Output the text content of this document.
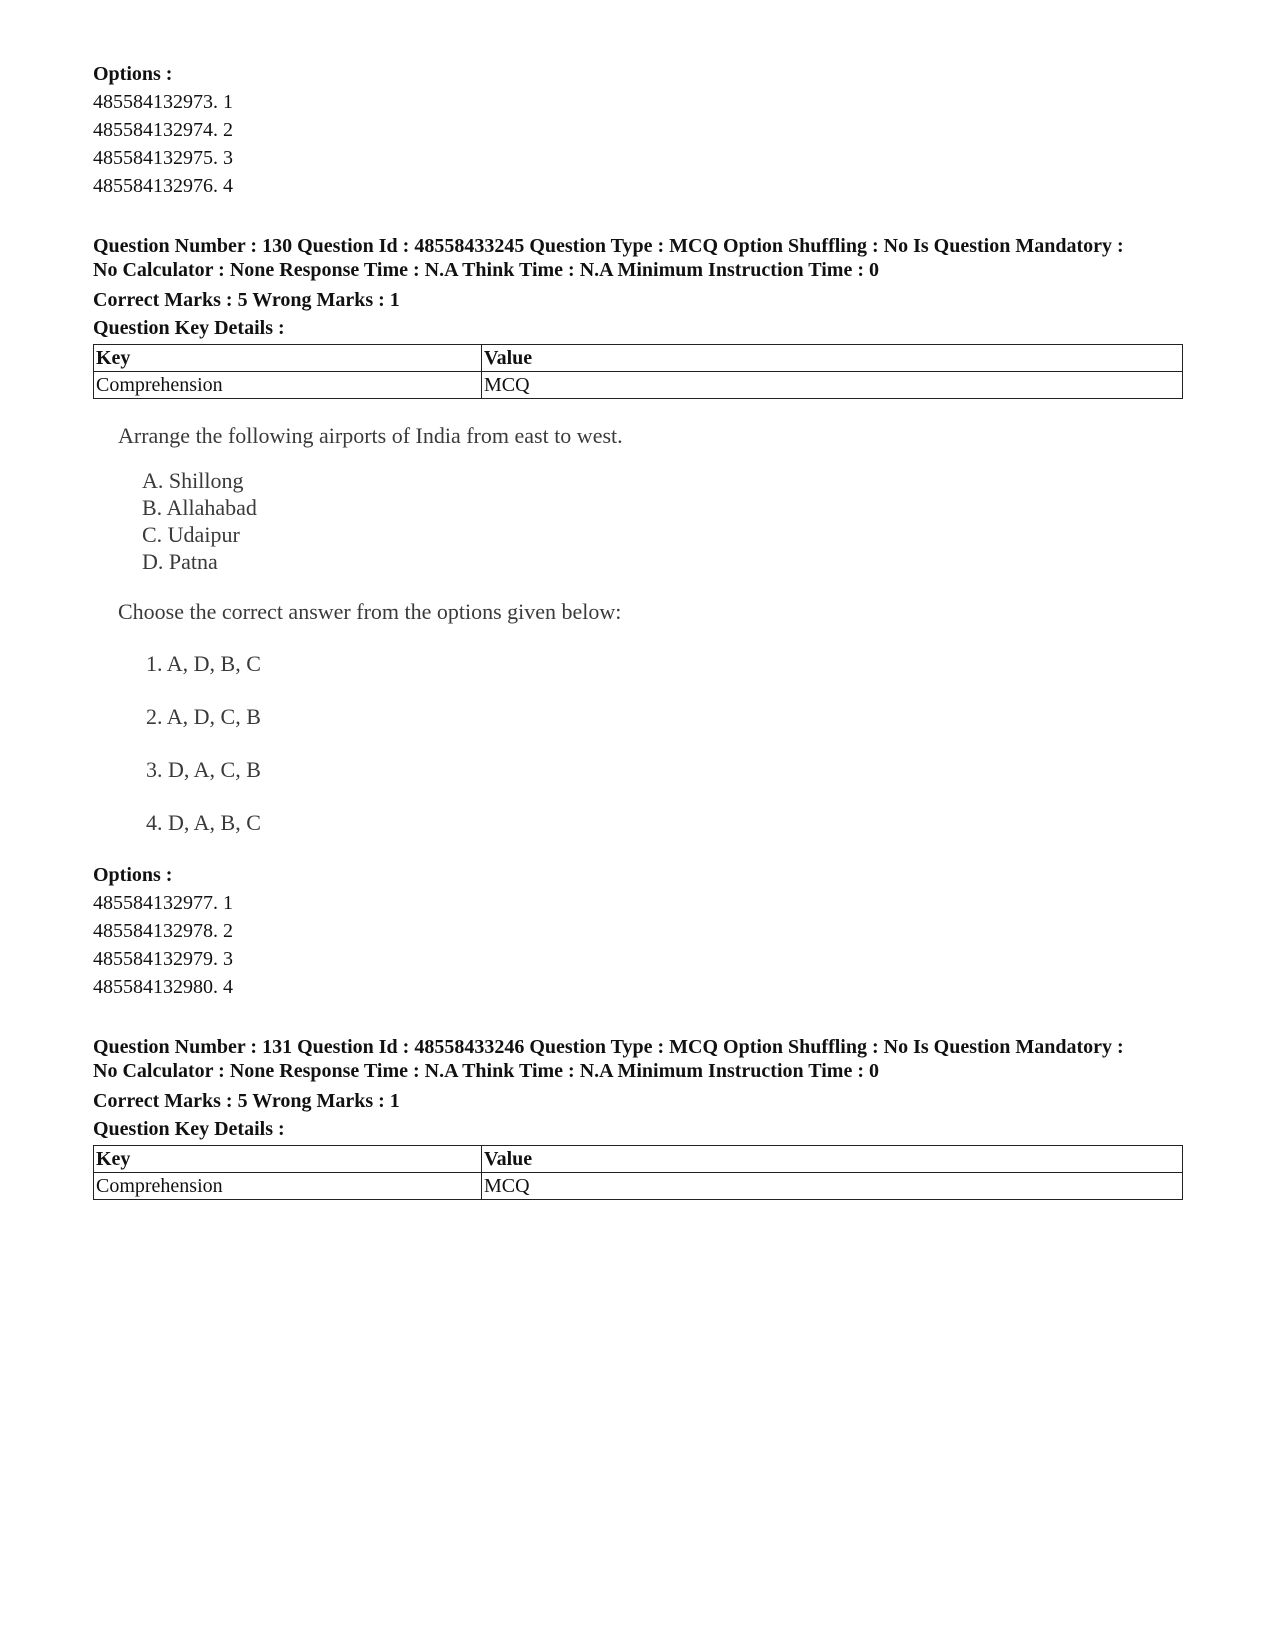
Options :
485584132973. 1
485584132974. 2
485584132975. 3
485584132976. 4
Question Number : 130 Question Id : 48558433245 Question Type : MCQ Option Shuffling : No Is Question Mandatory :
No Calculator : None Response Time : N.A Think Time : N.A Minimum Instruction Time : 0
Correct Marks : 5 Wrong Marks : 1
Question Key Details :
Key	Value
Comprehension	MCQ
Arrange the following airports of India from east to west.
A. Shillong
B. Allahabad
C. Udaipur
D. Patna
Choose the correct answer from the options given below:
1. A, D, B, C
2. A, D, C, B
3. D, A, C, B
4. D, A, B, C
Options :
485584132977. 1
485584132978. 2
485584132979. 3
485584132980. 4
Question Number : 131 Question Id : 48558433246 Question Type : MCQ Option Shuffling : No Is Question Mandatory :
No Calculator : None Response Time : N.A Think Time : N.A Minimum Instruction Time : 0
Correct Marks : 5 Wrong Marks : 1
Question Key Details :
Key	Value
Comprehension	MCQ
